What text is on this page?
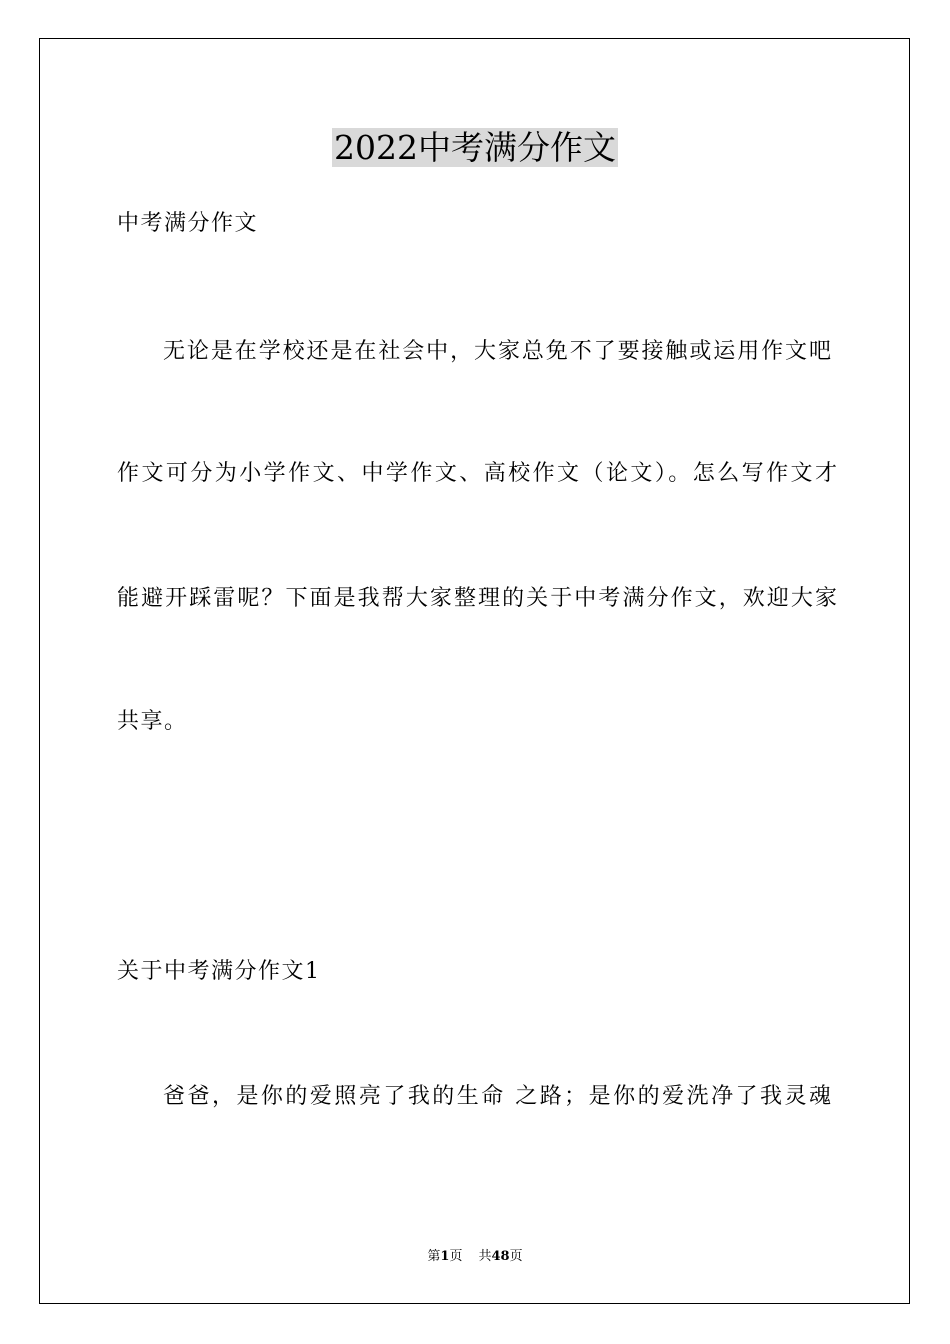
2022中考满分作文
中考满分作文
无论是在学校还是在社会中，大家总免不了要接触或运用作文吧
作文可分为小学作文、中学作文、高校作文（论文）。怎么写作文才
能避开踩雷呢？下面是我帮大家整理的关于中考满分作文，欢迎大家
共享。
关于中考满分作文1
爸爸，是你的爱照亮了我的生命 之路；是你的爱洗净了我灵魂
第1页 共48页
